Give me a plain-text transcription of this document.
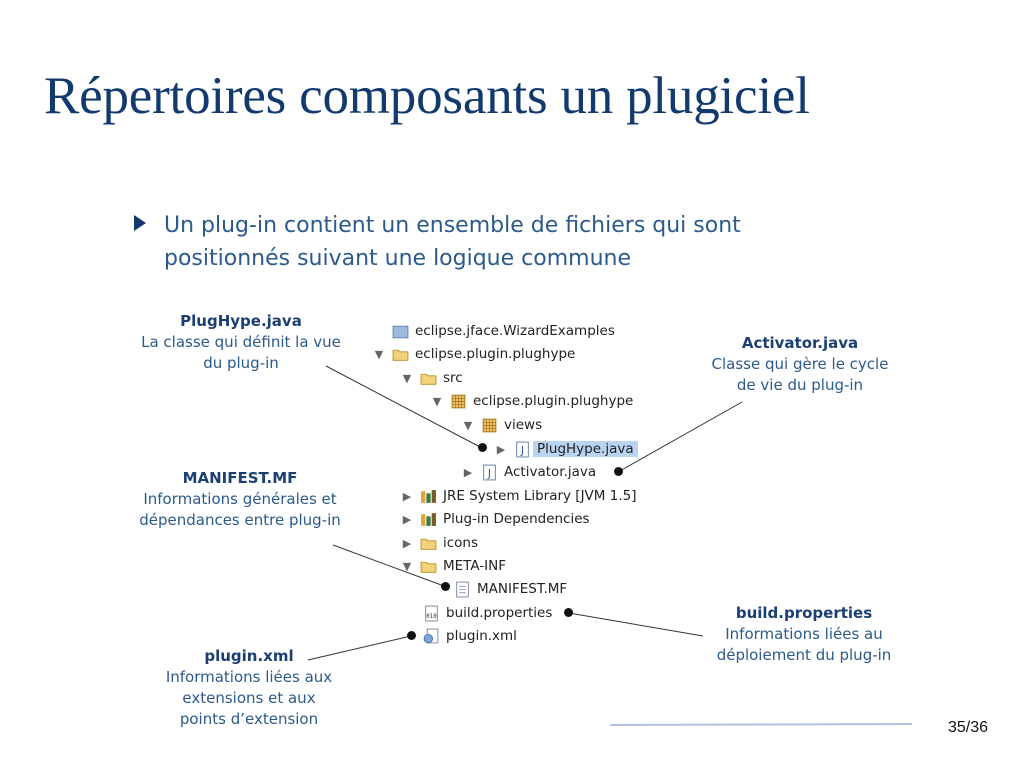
Répertoires composants un plugiciel
Un plug-in contient un ensemble de fichiers qui sont positionnés suivant une logique commune
eclipse.jface.WizardExamples
▼ eclipse.plugin.plughype
▼ src
▼ eclipse.plugin.plughype
▼ views
▶ PlugHype.java
▶ Activator.java
▶ JRE System Library [JVM 1.5]
▶ Plug-in Dependencies
▶ icons
▼ META-INF
MANIFEST.MF
build.properties
plugin.xml
PlugHype.java
La classe qui définit la vue
du plug-in
Activator.java
Classe qui gère le cycle
de vie du plug-in
MANIFEST.MF
Informations générales et
dépendances entre plug-in
build.properties
Informations liées au
déploiement du plug-in
plugin.xml
Informations liées aux
extensions et aux
points d’extension	35/36
